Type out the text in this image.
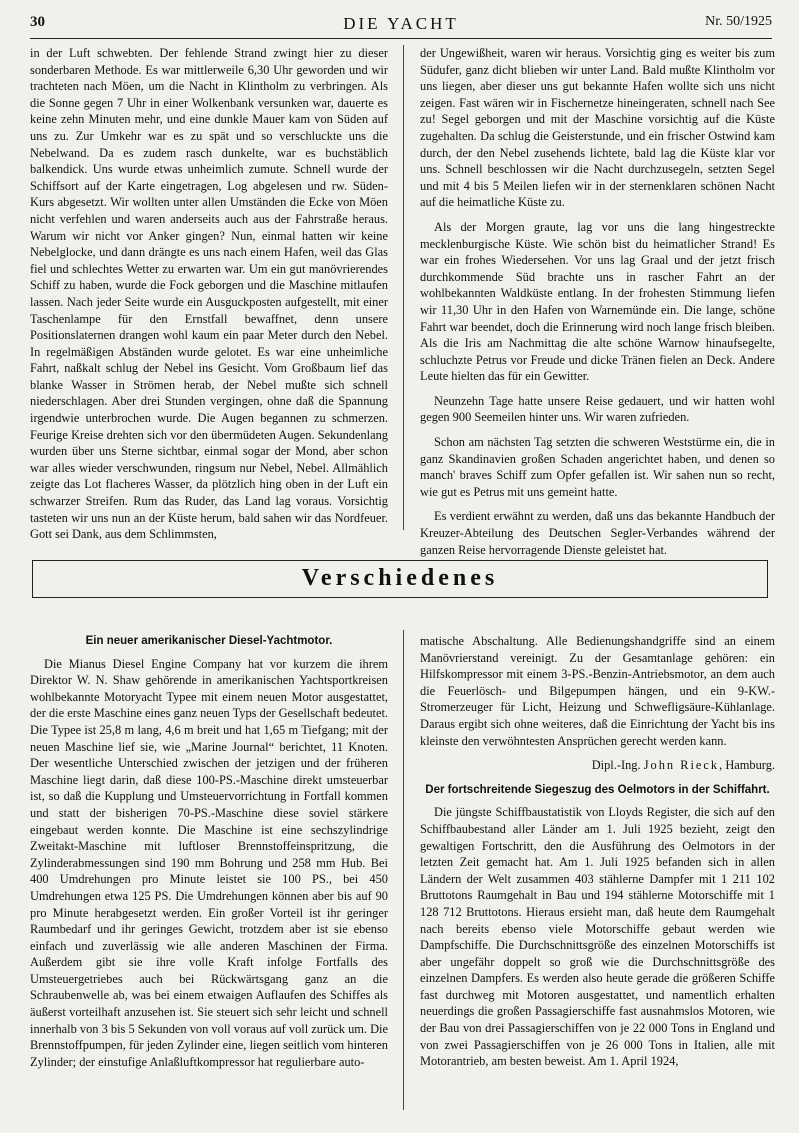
30	DIE YACHT	Nr. 50/1925

in der Luft schwebten. Der fehlende Strand zwingt hier zu dieser sonderbaren Methode. Es war mittlerweile 6,30 Uhr geworden und wir trachteten nach Möen, um die Nacht in Klintholm zu verbringen. Als die Sonne gegen 7 Uhr in einer Wolkenbank versunken war, dauerte es keine zehn Minuten mehr, und eine dunkle Mauer kam von Süden auf uns zu. Zur Umkehr war es zu spät und so verschluckte uns die Nebelwand. Da es zudem rasch dunkelte, war es buchstäblich balkendick. Uns wurde etwas unheimlich zumute. Schnell wurde der Schiffsort auf der Karte eingetragen, Log abgelesen und rw. Süden-Kurs abgesetzt. Wir wollten unter allen Umständen die Ecke von Möen nicht verfehlen und waren anderseits auch aus der Fahrstraße heraus. Warum wir nicht vor Anker gingen? Nun, einmal hatten wir keine Nebelglocke, und dann drängte es uns nach einem Hafen, weil das Glas fiel und schlechtes Wetter zu erwarten war. Um ein gut manövrierendes Schiff zu haben, wurde die Fock geborgen und die Maschine mitlaufen lassen. Nach jeder Seite wurde ein Ausguckposten aufgestellt, mit einer Taschenlampe für den Ernstfall bewaffnet, denn unsere Positionslaternen drangen wohl kaum ein paar Meter durch den Nebel. In regelmäßigen Abständen wurde gelotet. Es war eine unheimliche Fahrt, naßkalt schlug der Nebel ins Gesicht. Vom Großbaum lief das blanke Wasser in Strömen herab, der Nebel mußte sich schnell niederschlagen. Aber drei Stunden vergingen, ohne daß die Spannung irgendwie unterbrochen wurde. Die Augen begannen zu schmerzen. Feurige Kreise drehten sich vor den übermüdeten Augen. Sekundenlang wurden über uns Sterne sichtbar, einmal sogar der Mond, aber schon war alles wieder verschwunden, ringsum nur Nebel, Nebel. Allmählich zeigte das Lot flacheres Wasser, da plötzlich hing oben in der Luft ein schwarzer Streifen. Rum das Ruder, das Land lag voraus. Vorsichtig tasteten wir uns nun an der Küste herum, bald sahen wir das Nordfeuer. Gott sei Dank, aus dem Schlimmsten,

der Ungewißheit, waren wir heraus. Vorsichtig ging es weiter bis zum Südufer, ganz dicht blieben wir unter Land. Bald mußte Klintholm vor uns liegen, aber dieser uns gut bekannte Hafen wollte sich uns nicht zeigen. Fast wären wir in Fischernetze hineingeraten, schnell nach See zu! Segel geborgen und mit der Maschine vorsichtig auf die Küste zugehalten. Da schlug die Geisterstunde, und ein frischer Ostwind kam durch, der den Nebel zusehends lichtete, bald lag die Küste klar vor uns. Schnell beschlossen wir die Nacht durchzusegeln, setzten Segel und mit 4 bis 5 Meilen liefen wir in der sternenklaren schönen Nacht auf die heimatliche Küste zu.

Als der Morgen graute, lag vor uns die lang hingestreckte mecklenburgische Küste. Wie schön bist du heimatlicher Strand! Es war ein frohes Wiedersehen. Vor uns lag Graal und der jetzt frisch durchkommende Süd brachte uns in rascher Fahrt an der wohlbekannten Waldküste entlang. In der frohesten Stimmung liefen wir 11,30 Uhr in den Hafen von Warnemünde ein. Die lange, schöne Fahrt war beendet, doch die Erinnerung wird noch lange frisch bleiben. Als die Iris am Nachmittag die alte schöne Warnow hinaufsegelte, schluchzte Petrus vor Freude und dicke Tränen fielen an Deck. Andere Leute hielten das für ein Gewitter.

Neunzehn Tage hatte unsere Reise gedauert, und wir hatten wohl gegen 900 Seemeilen hinter uns. Wir waren zufrieden.

Schon am nächsten Tag setzten die schweren Weststürme ein, die in ganz Skandinavien großen Schaden angerichtet haben, und denen so manch' braves Schiff zum Opfer gefallen ist. Wir sahen nun so recht, wie gut es Petrus mit uns gemeint hatte.

Es verdient erwähnt zu werden, daß uns das bekannte Handbuch der Kreuzer-Abteilung des Deutschen Segler-Verbandes während der ganzen Reise hervorragende Dienste geleistet hat.

Verschiedenes
Ein neuer amerikanischer Diesel-Yachtmotor.

Die Mianus Diesel Engine Company hat vor kurzem die ihrem Direktor W. N. Shaw gehörende in amerikanischen Yachtsportkreisen wohlbekannte Motoryacht Typee mit einem neuen Motor ausgestattet, der die erste Maschine eines ganz neuen Typs der Gesellschaft bedeutet. Die Typee ist 25,8 m lang, 4,6 m breit und hat 1,65 m Tiefgang; mit der neuen Maschine lief sie, wie „Marine Journal“ berichtet, 11 Knoten. Der wesentliche Unterschied zwischen der jetzigen und der früheren Maschine liegt darin, daß diese 100-PS.-Maschine direkt umsteuerbar ist, so daß die Kupplung und Umsteuervorrichtung in Fortfall kommen und statt der bisherigen 70-PS.-Maschine diese soviel stärkere eingebaut werden konnte. Die Maschine ist eine sechszylindrige Zweitakt-Maschine mit luftloser Brennstoffeinspritzung, die Zylinderabmessungen sind 190 mm Bohrung und 258 mm Hub. Bei 400 Umdrehungen pro Minute leistet sie 100 PS., bei 450 Umdrehungen etwa 125 PS. Die Umdrehungen können aber bis auf 90 pro Minute herabgesetzt werden. Ein großer Vorteil ist ihr geringer Raumbedarf und ihr geringes Gewicht, trotzdem aber ist sie ebenso einfach und zuverlässig wie alle anderen Maschinen der Firma. Außerdem gibt sie ihre volle Kraft infolge Fortfalls des Umsteuergetriebes auch bei Rückwärtsgang ganz an die Schraubenwelle ab, was bei einem etwaigen Auflaufen des Schiffes als äußerst vorteilhaft anzusehen ist. Sie steuert sich sehr leicht und schnell innerhalb von 3 bis 5 Sekunden von voll voraus auf voll zurück um. Die Brennstoffpumpen, für jeden Zylinder eine, liegen seitlich vom hinteren Zylinder; der einstufige Anlaßluftkompressor hat regulierbare auto-

matische Abschaltung. Alle Bedienungshandgriffe sind an einem Manövrierstand vereinigt. Zu der Gesamtanlage gehören: ein Hilfskompressor mit einem 3-PS.-Benzin-Antriebsmotor, an dem auch die Feuerlösch- und Bilgepumpen hängen, und ein 9-KW.-Stromerzeuger für Licht, Heizung und Schwefligsäure-Kühlanlage. Daraus ergibt sich ohne weiteres, daß die Einrichtung der Yacht bis ins kleinste den verwöhntesten Ansprüchen gerecht werden kann.

Dipl.-Ing. John Rieck, Hamburg.

Der fortschreitende Siegeszug des Oelmotors in der Schiffahrt.

Die jüngste Schiffbaustatistik von Lloyds Register, die sich auf den Schiffbaubestand aller Länder am 1. Juli 1925 bezieht, zeigt den gewaltigen Fortschritt, den die Ausführung des Oelmotors in der letzten Zeit gemacht hat. Am 1. Juli 1925 befanden sich in allen Ländern der Welt zusammen 403 stählerne Dampfer mit 1 211 102 Bruttotons Raumgehalt in Bau und 194 stählerne Motorschiffe mit 1 128 712 Bruttotons. Hieraus ersieht man, daß heute dem Raumgehalt nach bereits ebenso viele Motorschiffe gebaut werden wie Dampfschiffe. Die Durchschnittsgröße des einzelnen Motorschiffs ist aber ungefähr doppelt so groß wie die Durchschnittsgröße des einzelnen Dampfers. Es werden also heute gerade die größeren Schiffe fast durchweg mit Motoren ausgestattet, und namentlich erhalten neuerdings die großen Passagierschiffe fast ausnahmslos Motoren, wie der Bau von drei Passagierschiffen von je 22 000 Tons in England und von zwei Passagierschiffen von je 26 000 Tons in Italien, alle mit Motorantrieb, am besten beweist. Am 1. April 1924,
